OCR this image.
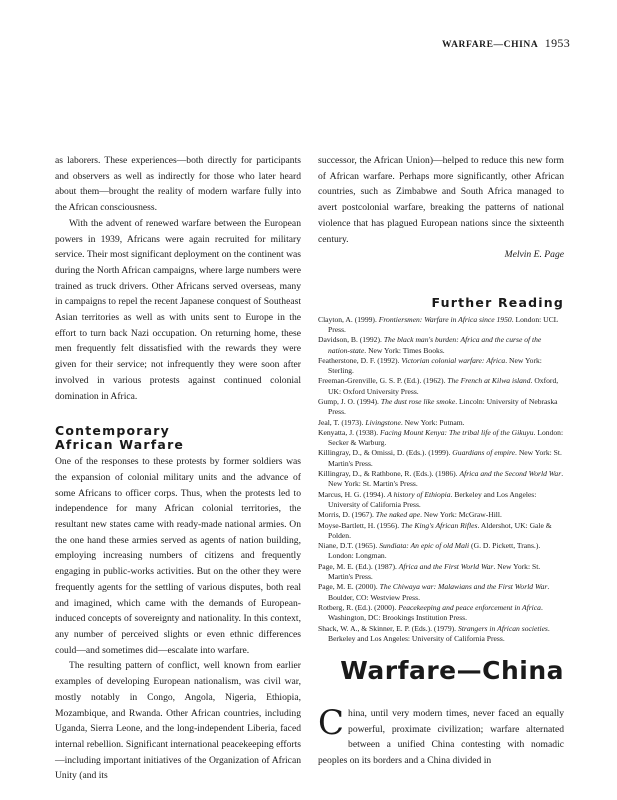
WARFARE—CHINA 1953

as laborers. These experiences—both directly for participants and observers as well as indirectly for those who later heard about them—brought the reality of modern warfare fully into the African consciousness.

With the advent of renewed warfare between the European powers in 1939, Africans were again recruited for military service. Their most significant deployment on the continent was during the North African campaigns, where large numbers were trained as truck drivers. Other Africans served overseas, many in campaigns to repel the recent Japanese conquest of Southeast Asian territories as well as with units sent to Europe in the effort to turn back Nazi occupation. On returning home, these men frequently felt dissatisfied with the rewards they were given for their service; not infrequently they were soon after involved in various protests against continued colonial domination in Africa.

Contemporary
African Warfare

One of the responses to these protests by former soldiers was the expansion of colonial military units and the advance of some Africans to officer corps. Thus, when the protests led to independence for many African colonial territories, the resultant new states came with ready-made national armies. On the one hand these armies served as agents of nation building, employing increasing numbers of citizens and frequently engaging in public-works activities. But on the other they were frequently agents for the settling of various disputes, both real and imagined, which came with the demands of European-induced concepts of sovereignty and nationality. In this context, any number of perceived slights or even ethnic differences could—and sometimes did—escalate into warfare.

The resulting pattern of conflict, well known from earlier examples of developing European nationalism, was civil war, mostly notably in Congo, Angola, Nigeria, Ethiopia, Mozambique, and Rwanda. Other African countries, including Uganda, Sierra Leone, and the long-independent Liberia, faced internal rebellion. Significant international peacekeeping efforts—including important initiatives of the Organization of African Unity (and its

successor, the African Union)—helped to reduce this new form of African warfare. Perhaps more significantly, other African countries, such as Zimbabwe and South Africa managed to avert postcolonial warfare, breaking the patterns of national violence that has plagued European nations since the sixteenth century.

Melvin E. Page

Further Reading

Clayton, A. (1999). Frontiersmen: Warfare in Africa since 1950. London: UCL Press.

Davidson, B. (1992). The black man's burden: Africa and the curse of the nation-state. New York: Times Books.

Featherstone, D. F. (1992). Victorian colonial warfare: Africa. New York: Sterling.

Freeman-Grenville, G. S. P. (Ed.). (1962). The French at Kilwa island. Oxford, UK: Oxford University Press.

Gump, J. O. (1994). The dust rose like smoke. Lincoln: University of Nebraska Press.

Jeal, T. (1973). Livingstone. New York: Putnam.

Kenyatta, J. (1938). Facing Mount Kenya: The tribal life of the Gikuyu. London: Secker & Warburg.

Killingray, D., & Omissi, D. (Eds.). (1999). Guardians of empire. New York: St. Martin's Press.

Killingray, D., & Rathbone, R. (Eds.). (1986). Africa and the Second World War. New York: St. Martin's Press.

Marcus, H. G. (1994). A history of Ethiopia. Berkeley and Los Angeles: University of California Press.

Morris, D. (1967). The naked ape. New York: McGraw-Hill.

Moyse-Bartlett, H. (1956). The King's African Rifles. Aldershot, UK: Gale & Polden.

Niane, D.T. (1965). Sundiata: An epic of old Mali (G. D. Pickett, Trans.). London: Longman.

Page, M. E. (Ed.). (1987). Africa and the First World War. New York: St. Martin's Press.

Page, M. E. (2000). The Chiwaya war: Malawians and the First World War. Boulder, CO: Westview Press.

Rotberg, R. (Ed.). (2000). Peacekeeping and peace enforcement in Africa. Washington, DC: Brookings Institution Press.

Shack, W. A., & Skinner, E. P. (Eds.). (1979). Strangers in African societies. Berkeley and Los Angeles: University of California Press.

Warfare—China
China, until very modern times, never faced an equally powerful, proximate civilization; warfare alternated between a unified China contesting with nomadic peoples on its borders and a China divided in
